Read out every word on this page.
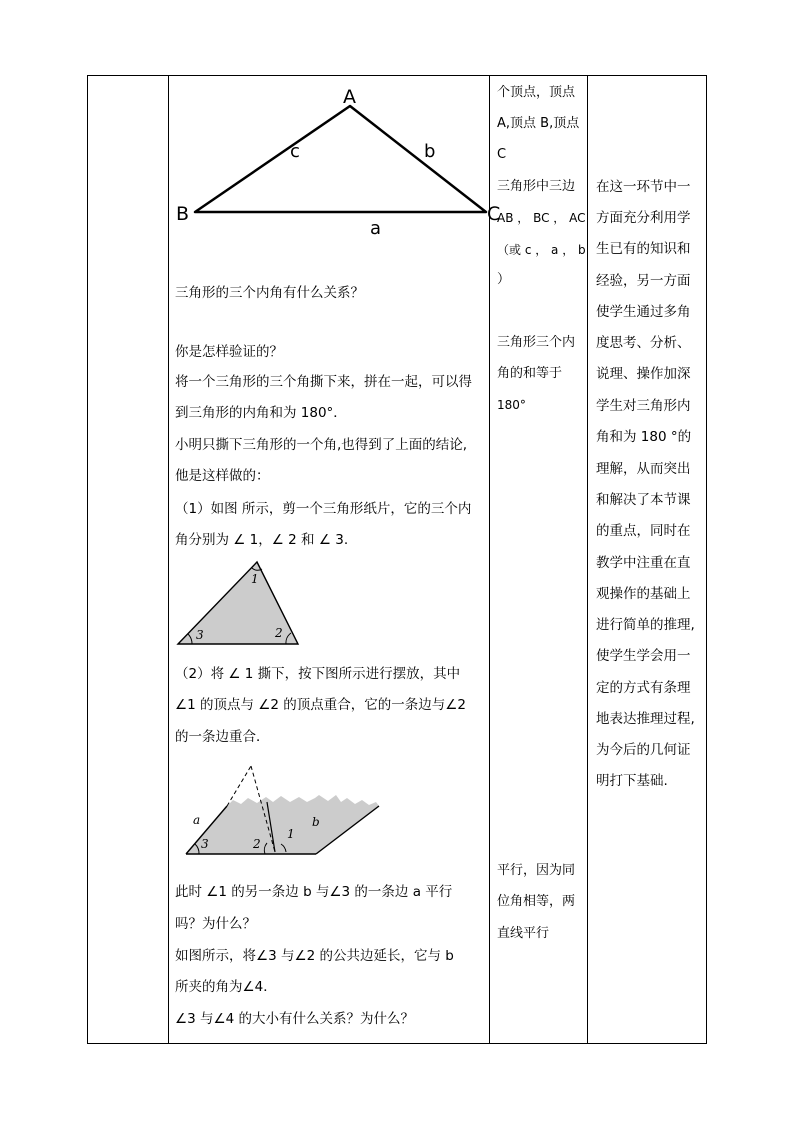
A
B	C
a
b
c
三角形的三个内角有什么关系？
你是怎样验证的？
将一个三角形的三个角撕下来，拼在一起，可以得
到三角形的内角和为 180°．
小明只撕下三角形的一个角,也得到了上面的结论,
他是这样做的：
（1）如图 所示，剪一个三角形纸片，它的三个内
角分别为 ∠ 1，∠ 2 和 ∠ 3.
1
2
3
（2）将 ∠ 1 撕下，按下图所示进行摆放，其中
∠1 的顶点与 ∠2 的顶点重合，它的一条边与∠2
的一条边重合．
a	b
1
2
3
此时 ∠1 的另一条边 b 与∠3 的一条边 a 平行
吗？为什么？
如图所示，将∠3 与∠2 的公共边延长，它与 b
所夹的角为∠4．
∠3 与∠4 的大小有什么关系？为什么？
个顶点，顶点
A,顶点 B,顶点
C
三角形中三边
AB ， BC ， AC
（或 c ， a ， b
）
三角形三个内
角的和等于
180°
平行，因为同
位角相等，两
直线平行
在这一环节中一
方面充分利用学
生已有的知识和
经验，另一方面
使学生通过多角
度思考、分析、
说理、操作加深
学生对三角形内
角和为 180 °的
理解，从而突出
和解决了本节课
的重点，同时在
教学中注重在直
观操作的基础上
进行简单的推理,
使学生学会用一
定的方式有条理
地表达推理过程,
为今后的几何证
明打下基础.
